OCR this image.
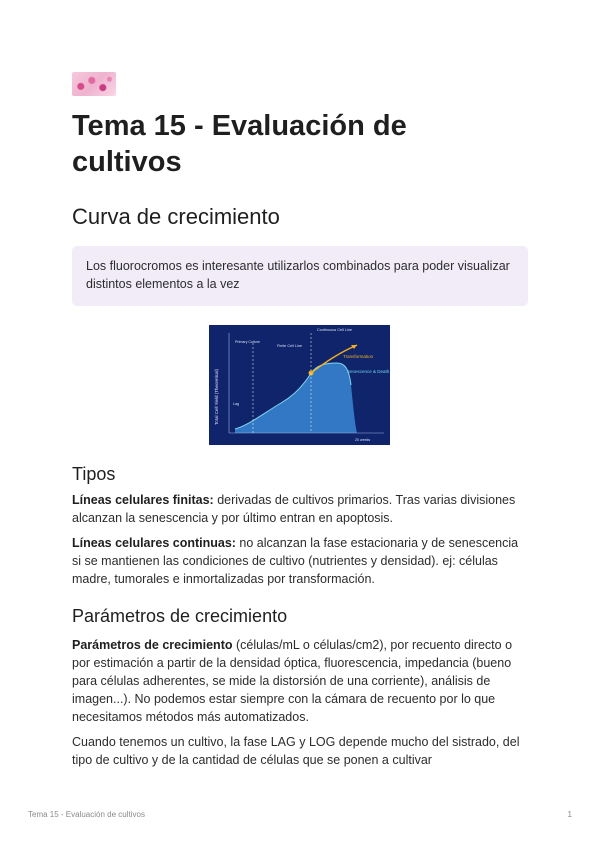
Tema 15 - Evaluación de cultivos
Curva de crecimiento
Los fluorocromos es interesante utilizarlos combinados para poder visualizar distintos elementos a la vez
Total Cell Yield (Theoretical)
Transformation
Senescence & Death
Continuous Cell Line
Primary Culture
Finite Cell Line
Lag
20 weeks
Tipos

Líneas celulares finitas: derivadas de cultivos primarios. Tras varias divisiones alcanzan la senescencia y por último entran en apoptosis.

Líneas celulares continuas: no alcanzan la fase estacionaria y de senescencia si se mantienen las condiciones de cultivo (nutrientes y densidad). ej: células madre, tumorales e inmortalizadas por transformación.

Parámetros de crecimiento

Parámetros de crecimiento (células/mL o células/cm2), por recuento directo o por estimación a partir de la densidad óptica, fluorescencia, impedancia (bueno para células adherentes, se mide la distorsión de una corriente), análisis de imagen...). No podemos estar siempre con la cámara de recuento por lo que necesitamos métodos más automatizados.

Cuando tenemos un cultivo, la fase LAG y LOG depende mucho del sistrado, del tipo de cultivo y de la cantidad de células que se ponen a cultivar

Tema 15 - Evaluación de cultivos	1
